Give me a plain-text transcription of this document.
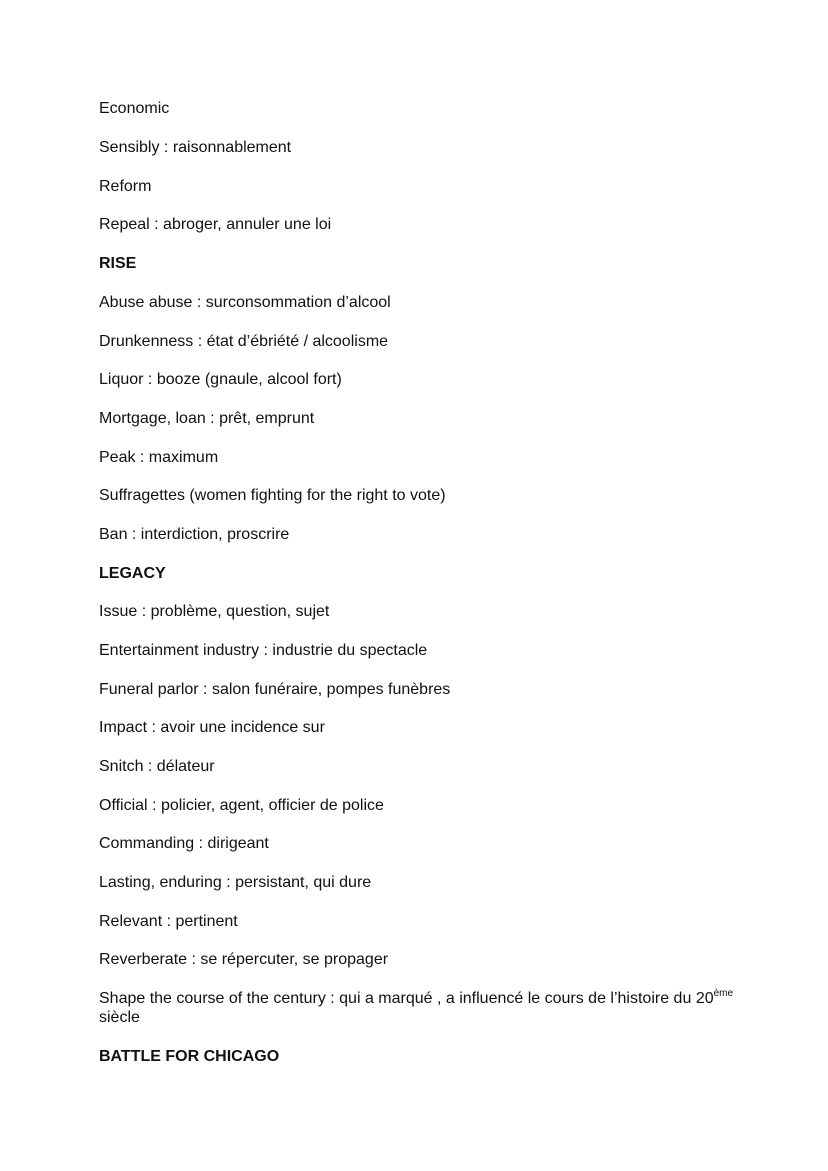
Economic
Sensibly : raisonnablement
Reform
Repeal : abroger, annuler une loi
RISE
Abuse abuse : surconsommation d’alcool
Drunkenness : état d’ébriété / alcoolisme
Liquor : booze (gnaule, alcool fort)
Mortgage, loan : prêt, emprunt
Peak : maximum
Suffragettes (women fighting for the right to vote)
Ban : interdiction, proscrire
LEGACY
Issue : problème, question, sujet
Entertainment industry : industrie du spectacle
Funeral parlor : salon funéraire, pompes funèbres
Impact : avoir une incidence sur
Snitch : délateur
Official : policier, agent, officier de police
Commanding : dirigeant
Lasting, enduring : persistant, qui dure
Relevant : pertinent
Reverberate : se répercuter, se propager
Shape the course of the century : qui a marqué , a influencé le cours de l’histoire du 20ème siècle
BATTLE FOR CHICAGO
